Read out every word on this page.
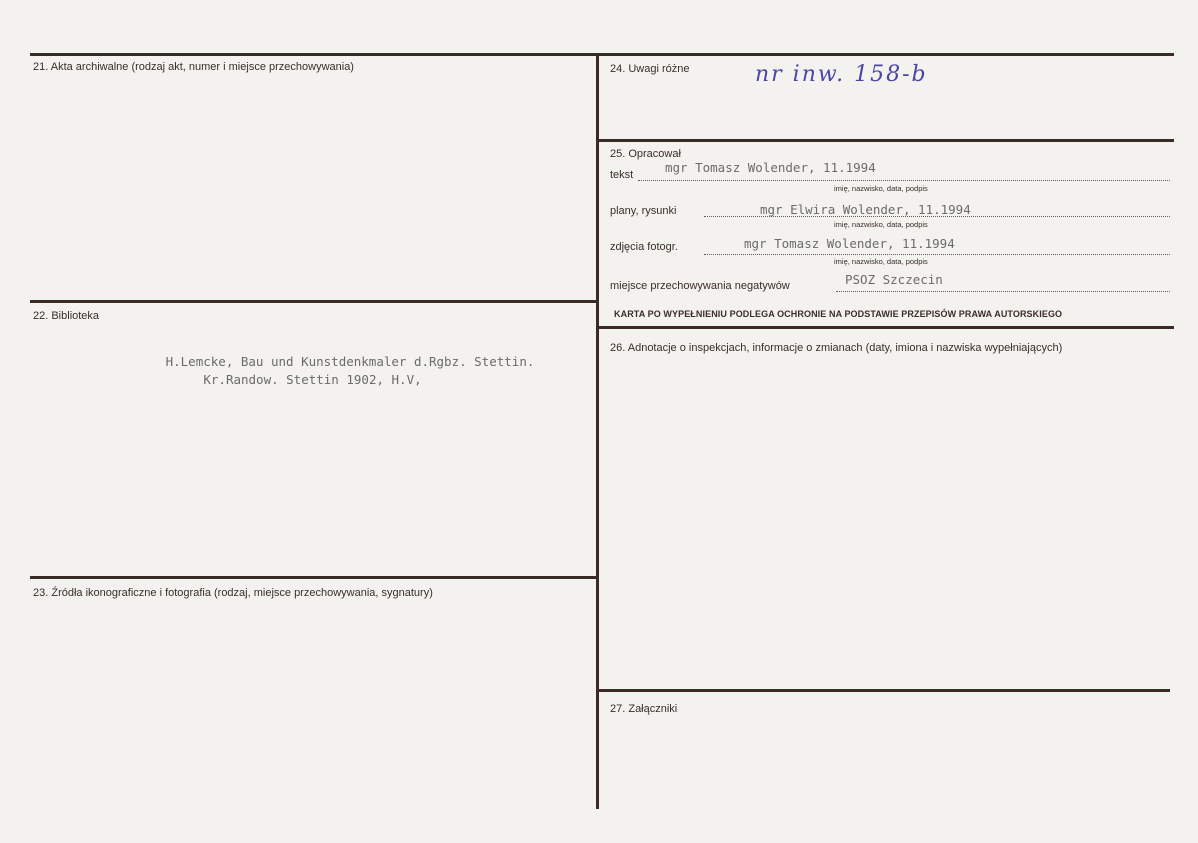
21. Akta archiwalne (rodzaj akt, numer i miejsce przechowywania)
22. Biblioteka
H.Lemcke, Bau und Kunstdenkmaler d.Rgbz. Stettin.
Kr.Randow. Stettin 1902, H.V,
23. Źródła ikonograficzne i fotografia (rodzaj, miejsce przechowywania, sygnatury)
24. Uwagi różne	nr inw. 158-b
25. Opracował
tekst	mgr Tomasz Wolender, 11.1994
imię, nazwisko, data, podpis
plany, rysunki	mgr Elwira Wolender, 11.1994
imię, nazwisko, data, podpis
zdjęcia fotogr.	mgr Tomasz Wolender, 11.1994
imię, nazwisko, data, podpis
miejsce przechowywania negatywów	PSOZ Szczecin
KARTA PO WYPEŁNIENIU PODLEGA OCHRONIE NA PODSTAWIE PRZEPISÓW PRAWA AUTORSKIEGO
26. Adnotacje o inspekcjach, informacje o zmianach (daty, imiona i nazwiska wypełniających)
27. Załączniki
